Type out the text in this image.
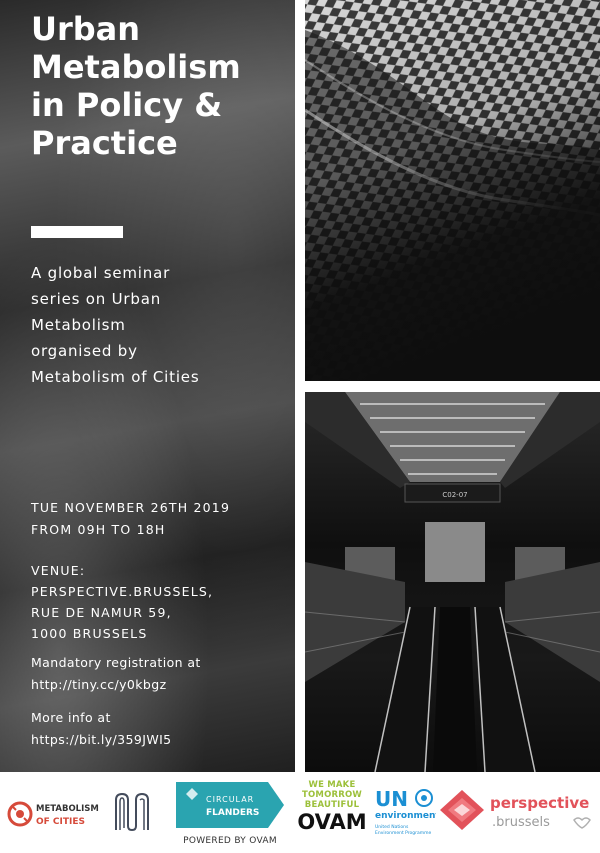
Urban
Metabolism
in Policy &
Practice
A global seminar
series on Urban
Metabolism
organised by
Metabolism of Cities
TUE NOVEMBER 26TH 2019
FROM 09H TO 18H
VENUE:
PERSPECTIVE.BRUSSELS,
RUE DE NAMUR 59,
1000 BRUSSELS
Mandatory registration at
http://tiny.cc/y0kbgz
More info at
https://bit.ly/359JWI5
C02-07
METABOLISM
OF CITIES
CIRCULAR
FLANDERS
POWERED BY OVAM
WE MAKE
TOMORROW
BEAUTIFUL
OVAM
UN
environment
United Nations
Environment Programme
perspective
.brussels
